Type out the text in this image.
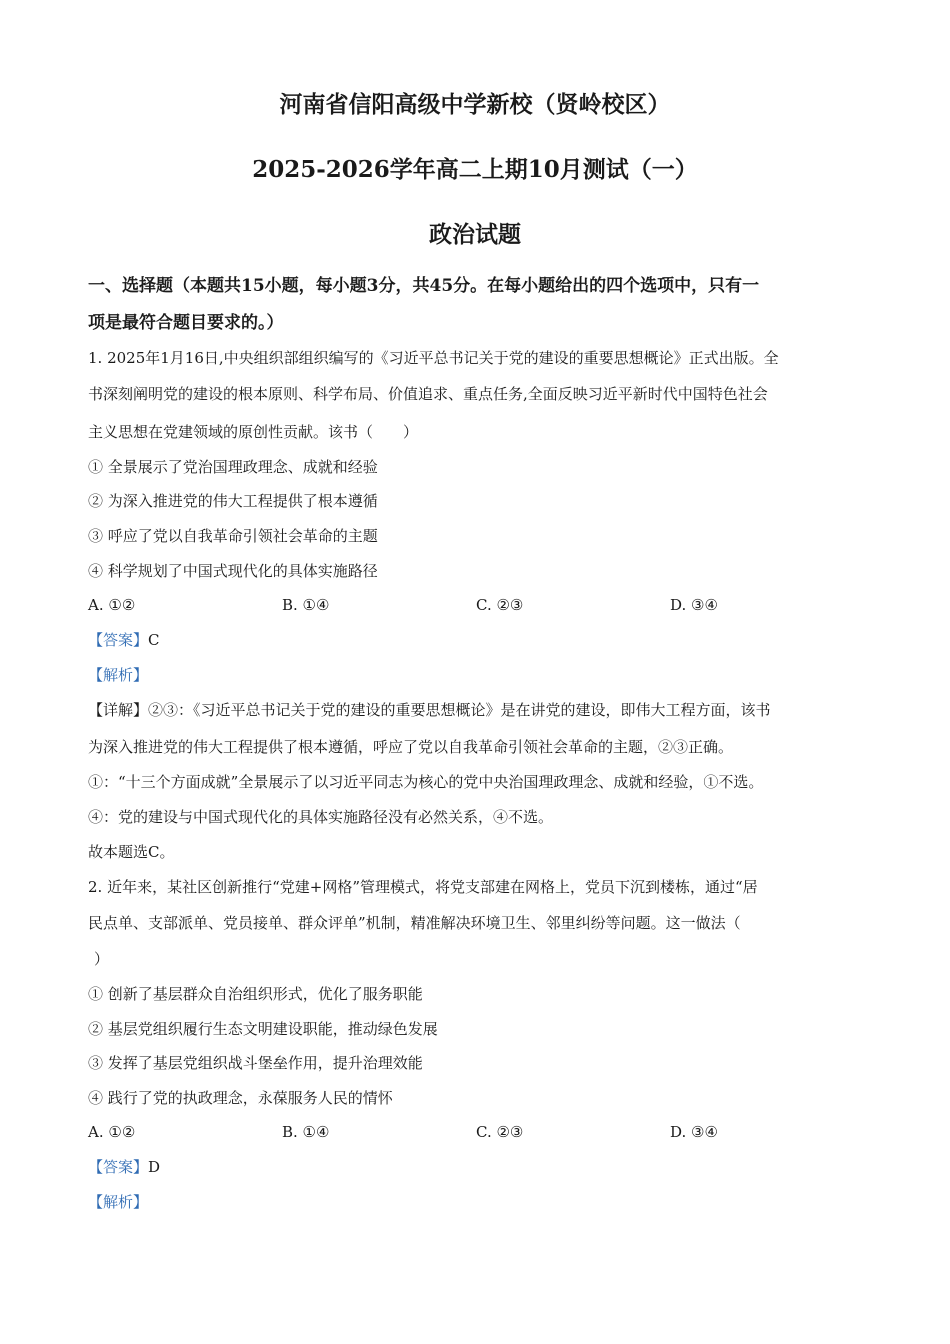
河南省信阳高级中学新校（贤岭校区）
2025-2026学年高二上期10月测试（一）
政治试题
一、选择题（本题共15小题，每小题3分，共45分。在每小题给出的四个选项中，只有一
项是最符合题目要求的。）
1. 2025年1月16日,中央组织部组织编写的《习近平总书记关于党的建设的重要思想概论》正式出版。全
书深刻阐明党的建设的根本原则、科学布局、价值追求、重点任务,全面反映习近平新时代中国特色社会
主义思想在党建领域的原创性贡献。该书（　　）
① 全景展示了党治国理政理念、成就和经验
② 为深入推进党的伟大工程提供了根本遵循
③ 呼应了党以自我革命引领社会革命的主题
④ 科学规划了中国式现代化的具体实施路径
A. ①②	B. ①④	C. ②③	D. ③④
【答案】C
【解析】
【详解】②③：《习近平总书记关于党的建设的重要思想概论》是在讲党的建设，即伟大工程方面，该书
为深入推进党的伟大工程提供了根本遵循，呼应了党以自我革命引领社会革命的主题，②③正确。
①：“十三个方面成就”全景展示了以习近平同志为核心的党中央治国理政理念、成就和经验，①不选。
④：党的建设与中国式现代化的具体实施路径没有必然关系，④不选。
故本题选C。
2. 近年来，某社区创新推行“党建+网格”管理模式，将党支部建在网格上，党员下沉到楼栋，通过“居
民点单、支部派单、党员接单、群众评单”机制，精准解决环境卫生、邻里纠纷等问题。这一做法（
）
① 创新了基层群众自治组织形式，优化了服务职能
② 基层党组织履行生态文明建设职能，推动绿色发展
③ 发挥了基层党组织战斗堡垒作用，提升治理效能
④ 践行了党的执政理念，永葆服务人民的情怀
A. ①②	B. ①④	C. ②③	D. ③④
【答案】D
【解析】
